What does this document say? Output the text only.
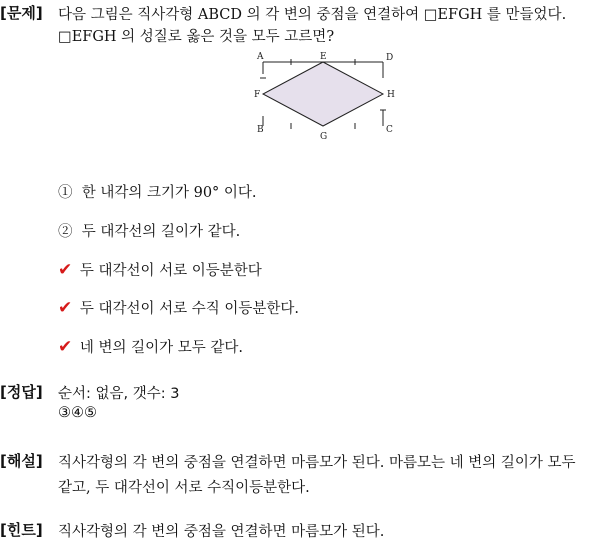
[문제] 다음 그림은 직사각형 ABCD 의 각 변의 중점을 연결하여 □EFGH 를 만들었다.
□EFGH 의 성질로 옳은 것을 모두 고르면?
A	E	D
F	H
B
G
C
① 한 내각의 크기가 90° 이다.
② 두 대각선의 길이가 같다.
✔ 두 대각선이 서로 이등분한다
✔ 두 대각선이 서로 수직 이등분한다.
✔ 네 변의 길이가 모두 같다.
[정답] 순서: 없음, 갯수: 3
③④⑤
[해설] 직사각형의 각 변의 중점을 연결하면 마름모가 된다. 마름모는 네 변의 길이가 모두
같고, 두 대각선이 서로 수직이등분한다.
[힌트] 직사각형의 각 변의 중점을 연결하면 마름모가 된다.
